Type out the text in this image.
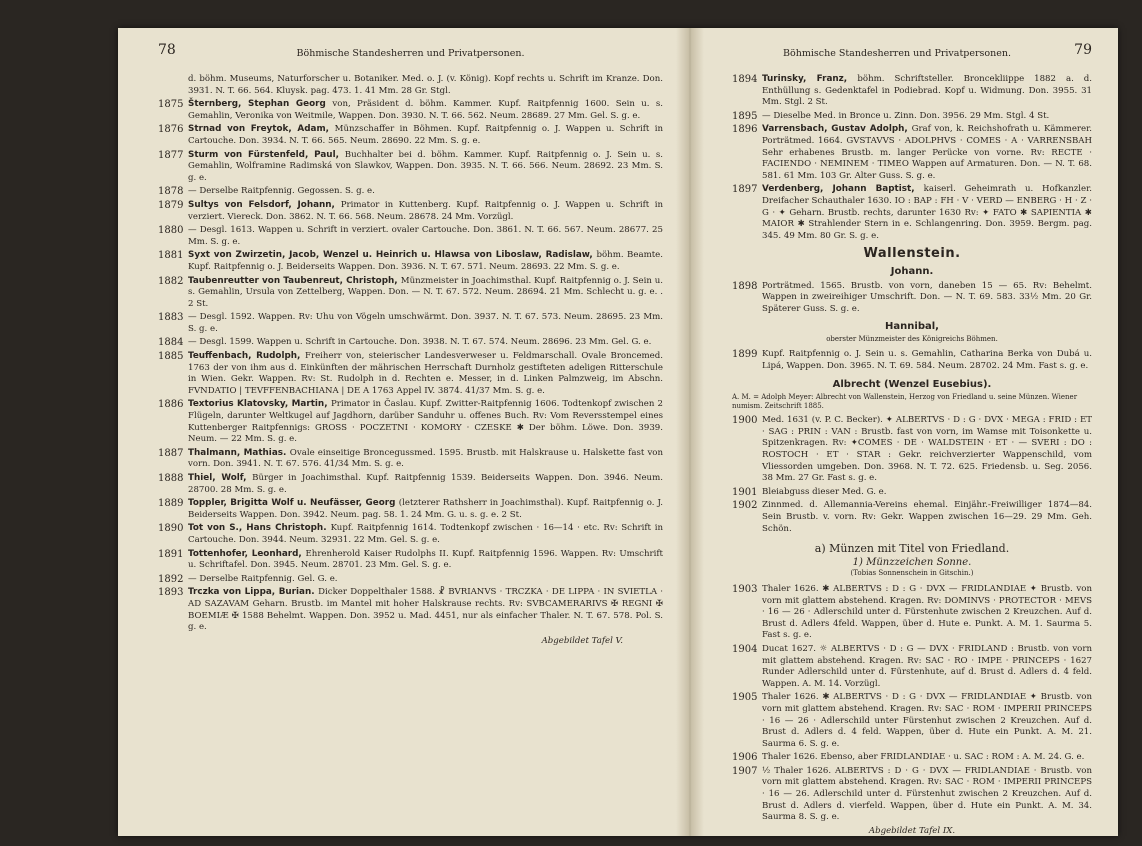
78	Böhmische Standesherren und Privatpersonen.
d. böhm. Museums, Naturforscher u. Botaniker. Med. o. J. (v. König). Kopf rechts u. Schrift im Kranze. Don. 3931. N. T. 66. 564. Kluysk. pag. 473. 1. 41 Mm. 28 Gr. Stgl.
1875 Šternberg, Stephan Georg von, Präsident d. böhm. Kammer. Kupf. Raitpfennig 1600. Sein u. s. Gemahlin, Veronika von Weitmile, Wappen. Don. 3930. N. T. 66. 562. Neum. 28689. 27 Mm. Gel. S. g. e.
1876 Strnad von Freytok, Adam, Münzschaffer in Böhmen. Kupf. Raitpfennig o. J. Wappen u. Schrift in Cartouche. Don. 3934. N. T. 66. 565. Neum. 28690. 22 Mm. S. g. e.
1877 Sturm von Fürstenfeld, Paul, Buchhalter bei d. böhm. Kammer. Kupf. Raitpfennig o. J. Sein u. s. Gemahlin, Wolframine Radimská von Slawkov, Wappen. Don. 3935. N. T. 66. 566. Neum. 28692. 23 Mm. S. g. e.
1878 — Derselbe Raitpfennig. Gegossen. S. g. e.
1879 Sultys von Felsdorf, Johann, Primator in Kuttenberg. Kupf. Raitpfennig o. J. Wappen u. Schrift in verziert. Viereck. Don. 3862. N. T. 66. 568. Neum. 28678. 24 Mm. Vorzügl.
1880 — Desgl. 1613. Wappen u. Schrift in verziert. ovaler Cartouche. Don. 3861. N. T. 66. 567. Neum. 28677. 25 Mm. S. g. e.
1881 Syxt von Zwirzetin, Jacob, Wenzel u. Heinrich u. Hlawsa von Liboslaw, Radislaw, böhm. Beamte. Kupf. Raitpfennig o. J. Beiderseits Wappen. Don. 3936. N. T. 67. 571. Neum. 28693. 22 Mm. S. g. e.
1882 Taubenreutter von Taubenreut, Christoph, Münzmeister in Joachimsthal. Kupf. Raitpfennig o. J. Sein u. s. Gemahlin, Ursula von Zettelberg, Wappen. Don. — N. T. 67. 572. Neum. 28694. 21 Mm. Schlecht u. g. e. . 2 St.
1883 — Desgl. 1592. Wappen. Rv: Uhu von Vögeln umschwärmt. Don. 3937. N. T. 67. 573. Neum. 28695. 23 Mm. S. g. e.
1884 — Desgl. 1599. Wappen u. Schrift in Cartouche. Don. 3938. N. T. 67. 574. Neum. 28696. 23 Mm. Gel. G. e.
1885 Teuffenbach, Rudolph, Freiherr von, steierischer Landesverweser u. Feldmarschall. Ovale Broncemed. 1763 der von ihm aus d. Einkünften der mährischen Herrschaft Durnholz gestifteten adeligen Ritterschule in Wien. Gekr. Wappen. Rv: St. Rudolph in d. Rechten e. Messer, in d. Linken Palmzweig, im Abschn. FVNDATIO | TEVFFENBACHIANA | DE A 1763 Appel IV. 3874. 41/37 Mm. S. g. e.
1886 Textorius Klatovsky, Martin, Primator in Časlau. Kupf. Zwitter-Raitpfennig 1606. Todtenkopf zwischen 2 Flügeln, darunter Weltkugel auf Jagdhorn, darüber Sanduhr u. offenes Buch. Rv: Vom Reversstempel eines Kuttenberger Raitpfennigs: GROSS · POCZETNI · KOMORY · CZESKE ✱ Der böhm. Löwe. Don. 3939. Neum. — 22 Mm. S. g. e.
1887 Thalmann, Mathias. Ovale einseitige Broncegussmed. 1595. Brustb. mit Halskrause u. Halskette fast von vorn. Don. 3941. N. T. 67. 576. 41/34 Mm. S. g. e.
1888 Thiel, Wolf, Bürger in Joachimsthal. Kupf. Raitpfennig 1539. Beiderseits Wappen. Don. 3946. Neum. 28700. 28 Mm. S. g. e.
1889 Toppler, Brigitta Wolf u. Neufässer, Georg (letzterer Rathsherr in Joachimsthal). Kupf. Raitpfennig o. J. Beiderseits Wappen. Don. 3942. Neum. pag. 58. 1. 24 Mm. G. u. s. g. e. 2 St.
1890 Tot von S., Hans Christoph. Kupf. Raitpfennig 1614. Todtenkopf zwischen · 16—14 · etc. Rv: Schrift in Cartouche. Don. 3944. Neum. 32931. 22 Mm. Gel. S. g. e.
1891 Tottenhofer, Leonhard, Ehrenherold Kaiser Rudolphs II. Kupf. Raitpfennig 1596. Wappen. Rv: Umschrift u. Schriftafel. Don. 3945. Neum. 28701. 23 Mm. Gel. S. g. e.
1892 — Derselbe Raitpfennig. Gel. G. e.
1893 Trczka von Lippa, Burian. Dicker Doppelthaler 1588. ☧ BVRIANVS · TRCZKA · DE LIPPA · IN SVIETLA · AD SAZAVAM Geharn. Brustb. im Mantel mit hoher Halskrause rechts. Rv: SVBCAMERARIVS ✠ REGNI ✠ BOEMIÆ ✠ 1588 Behelmt. Wappen. Don. 3952 u. Mad. 4451, nur als einfacher Thaler. N. T. 67. 578. Pol. S. g. e.
Abgebildet Tafel V.
Böhmische Standesherren und Privatpersonen.	79
1894 Turinsky, Franz, böhm. Schriftsteller. Broncekliippe 1882 a. d. Enthüllung s. Gedenktafel in Podiebrad. Kopf u. Widmung. Don. 3955. 31 Mm. Stgl. 2 St.
1895 — Dieselbe Med. in Bronce u. Zinn. Don. 3956. 29 Mm. Stgl. 4 St.
1896 Varrensbach, Gustav Adolph, Graf von, k. Reichshofrath u. Kämmerer. Porträtmed. 1664. GVSTAVVS · ADOLPHVS · COMES · A · VARRENSBAH Sehr erhabenes Brustb. m. langer Perücke von vorne. Rv: RECTE · FACIENDO · NEMINEM · TIMEO Wappen auf Armaturen. Don. — N. T. 68. 581. 61 Mm. 103 Gr. Alter Guss. S. g. e.
1897 Verdenberg, Johann Baptist, kaiserl. Geheimrath u. Hofkanzler. Dreifacher Schauthaler 1630. IO : BAP : FH · V · VERD — ENBERG · H · Z · G · ✦ Geharn. Brustb. rechts, darunter 1630 Rv: ✦ FATO ✱ SAPIENTIA ✱ MAIOR ✱ Strahlender Stern in e. Schlangenring. Don. 3959. Bergm. pag. 345. 49 Mm. 80 Gr. S. g. e.
Wallenstein.
Johann.
1898 Porträtmed. 1565. Brustb. von vorn, daneben 15 — 65. Rv: Behelmt. Wappen in zweireihiger Umschrift. Don. — N. T. 69. 583. 33½ Mm. 20 Gr. Späterer Guss. S. g. e.
Hannibal,
oberster Münzmeister des Königreichs Böhmen.
1899 Kupf. Raitpfennig o. J. Sein u. s. Gemahlin, Catharina Berka von Dubá u. Lipá, Wappen. Don. 3965. N. T. 69. 584. Neum. 28702. 24 Mm. Fast s. g. e.
Albrecht (Wenzel Eusebius).
A. M. = Adolph Meyer: Albrecht von Wallenstein, Herzog von Friedland u. seine Münzen. Wiener numism. Zeitschrift 1885.
1900 Med. 1631 (v. P. C. Becker). ✦ ALBERTVS · D : G · DVX · MEGA : FRID : ET · SAG : PRIN : VAN : Brustb. fast von vorn, im Wamse mit Toisonkette u. Spitzenkragen. Rv: ✦COMES · DE · WALDSTEIN · ET · — SVERI : DO : ROSTOCH · ET · STAR : Gekr. reichverzierter Wappenschild, vom Vliessorden umgeben. Don. 3968. N. T. 72. 625. Friedensb. u. Seg. 2056. 38 Mm. 27 Gr. Fast s. g. e.
1901 Bleiabguss dieser Med. G. e.
1902 Zinnmed. d. Allemannia-Vereins ehemal. Einjähr.-Freiwilliger 1874—84. Sein Brustb. v. vorn. Rv: Gekr. Wappen zwischen 16—29. 29 Mm. Geh. Schön.
a) Münzen mit Titel von Friedland.
1) Münzzeichen Sonne.
(Tobias Sonnenschein in Gitschin.)
1903 Thaler 1626. ✱ ALBERTVS : D : G · DVX — FRIDLANDIAE ✦ Brustb. von vorn mit glattem abstehend. Kragen. Rv: DOMINVS · PROTECTOR · MEVS · 16 — 26 · Adlerschild unter d. Fürstenhute zwischen 2 Kreuzchen. Auf d. Brust d. Adlers 4feld. Wappen, über d. Hute e. Punkt. A. M. 1. Saurma 5. Fast s. g. e.
1904 Ducat 1627. ☼ ALBERTVS · D : G — DVX · FRIDLAND : Brustb. von vorn mit glattem abstehend. Kragen. Rv: SAC · RO · IMPE · PRINCEPS · 1627 Runder Adlerschild unter d. Fürstenhute, auf d. Brust d. Adlers d. 4 feld. Wappen. A. M. 14. Vorzügl.
1905 Thaler 1626. ✱ ALBERTVS · D : G · DVX — FRIDLANDIAE ✦ Brustb. von vorn mit glattem abstehend. Kragen. Rv: SAC · ROM · IMPERII PRINCEPS · 16 — 26 · Adlerschild unter Fürstenhut zwischen 2 Kreuzchen. Auf d. Brust d. Adlers d. 4 feld. Wappen, über d. Hute ein Punkt. A. M. 21. Saurma 6. S. g. e.
1906 Thaler 1626. Ebenso, aber FRIDLANDIAE · u. SAC : ROM : A. M. 24. G. e.
1907 ½ Thaler 1626. ALBERTVS : D · G · DVX — FRIDLANDIAE · Brustb. von vorn mit glattem abstehend. Kragen. Rv: SAC · ROM · IMPERII PRINCEPS · 16 — 26. Adlerschild unter d. Fürstenhut zwischen 2 Kreuzchen. Auf d. Brust d. Adlers d. vierfeld. Wappen, über d. Hute ein Punkt. A. M. 34. Saurma 8. S. g. e.
Abgebildet Tafel IX.
